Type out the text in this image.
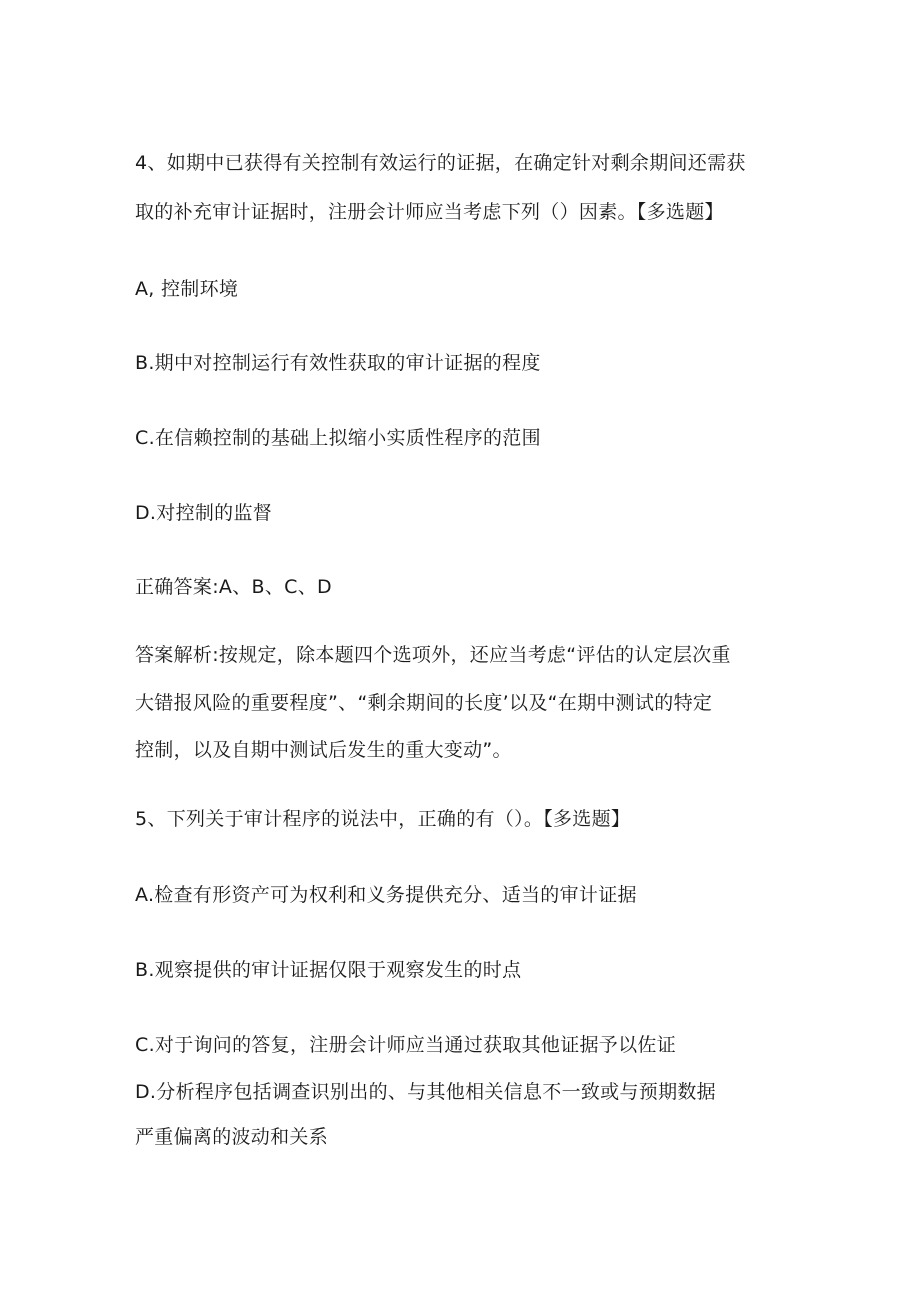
4、如期中已获得有关控制有效运行的证据，在确定针对剩余期间还需获
取的补充审计证据时，注册会计师应当考虑下列（）因素。【多选题】
A, 控制环境
B.期中对控制运行有效性获取的审计证据的程度
C.在信赖控制的基础上拟缩小实质性程序的范围
D.对控制的监督
正确答案:A、B、C、D
答案解析:按规定，除本题四个选项外，还应当考虑“评估的认定层次重
大错报风险的重要程度”、“剩余期间的长度’以及“在期中测试的特定
控制，以及自期中测试后发生的重大变动”。
5、下列关于审计程序的说法中，正确的有（）。【多选题】
A.检查有形资产可为权利和义务提供充分、适当的审计证据
B.观察提供的审计证据仅限于观察发生的时点
C.对于询问的答复，注册会计师应当通过获取其他证据予以佐证
D.分析程序包括调查识别出的、与其他相关信息不一致或与预期数据
严重偏离的波动和关系
